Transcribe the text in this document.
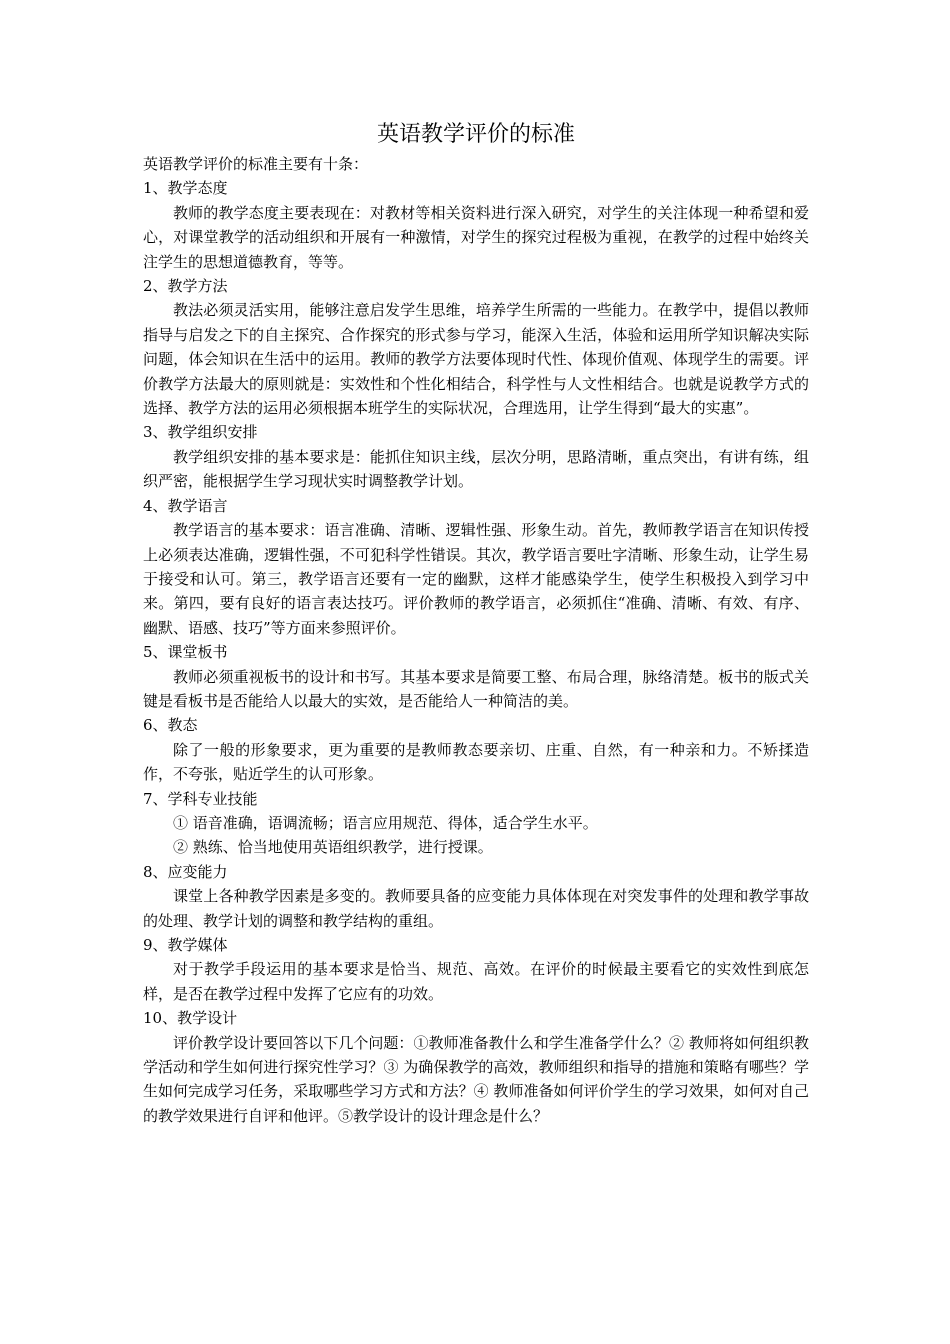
英语教学评价的标准

英语教学评价的标准主要有十条：

1、教学态度

教师的教学态度主要表现在：对教材等相关资料进行深入研究，对学生的关注体现一种希望和爱心，对课堂教学的活动组织和开展有一种激情，对学生的探究过程极为重视，在教学的过程中始终关注学生的思想道德教育，等等。

2、教学方法

教法必须灵活实用，能够注意启发学生思维，培养学生所需的一些能力。在教学中，提倡以教师指导与启发之下的自主探究、合作探究的形式参与学习，能深入生活，体验和运用所学知识解决实际问题，体会知识在生活中的运用。教师的教学方法要体现时代性、体现价值观、体现学生的需要。评价教学方法最大的原则就是：实效性和个性化相结合，科学性与人文性相结合。也就是说教学方式的选择、教学方法的运用必须根据本班学生的实际状况，合理选用，让学生得到“最大的实惠”。

3、教学组织安排

教学组织安排的基本要求是：能抓住知识主线，层次分明，思路清晰，重点突出，有讲有练，组织严密，能根据学生学习现状实时调整教学计划。

4、教学语言

教学语言的基本要求：语言准确、清晰、逻辑性强、形象生动。首先，教师教学语言在知识传授上必须表达准确，逻辑性强，不可犯科学性错误。其次，教学语言要吐字清晰、形象生动，让学生易于接受和认可。第三，教学语言还要有一定的幽默，这样才能感染学生，使学生积极投入到学习中来。第四，要有良好的语言表达技巧。评价教师的教学语言，必须抓住“准确、清晰、有效、有序、幽默、语感、技巧”等方面来参照评价。

5、课堂板书

教师必须重视板书的设计和书写。其基本要求是简要工整、布局合理，脉络清楚。板书的版式关键是看板书是否能给人以最大的实效，是否能给人一种简洁的美。

6、教态

除了一般的形象要求，更为重要的是教师教态要亲切、庄重、自然，有一种亲和力。不矫揉造作，不夸张，贴近学生的认可形象。

7、学科专业技能

① 语音准确，语调流畅；语言应用规范、得体，适合学生水平。

② 熟练、恰当地使用英语组织教学，进行授课。

8、应变能力

课堂上各种教学因素是多变的。教师要具备的应变能力具体体现在对突发事件的处理和教学事故的处理、教学计划的调整和教学结构的重组。

9、教学媒体

对于教学手段运用的基本要求是恰当、规范、高效。在评价的时候最主要看它的实效性到底怎样，是否在教学过程中发挥了它应有的功效。

10、教学设计

评价教学设计要回答以下几个问题：①教师准备教什么和学生准备学什么？② 教师将如何组织教学活动和学生如何进行探究性学习？③ 为确保教学的高效，教师组织和指导的措施和策略有哪些？学生如何完成学习任务，采取哪些学习方式和方法？④ 教师准备如何评价学生的学习效果，如何对自己的教学效果进行自评和他评。⑤教学设计的设计理念是什么？
